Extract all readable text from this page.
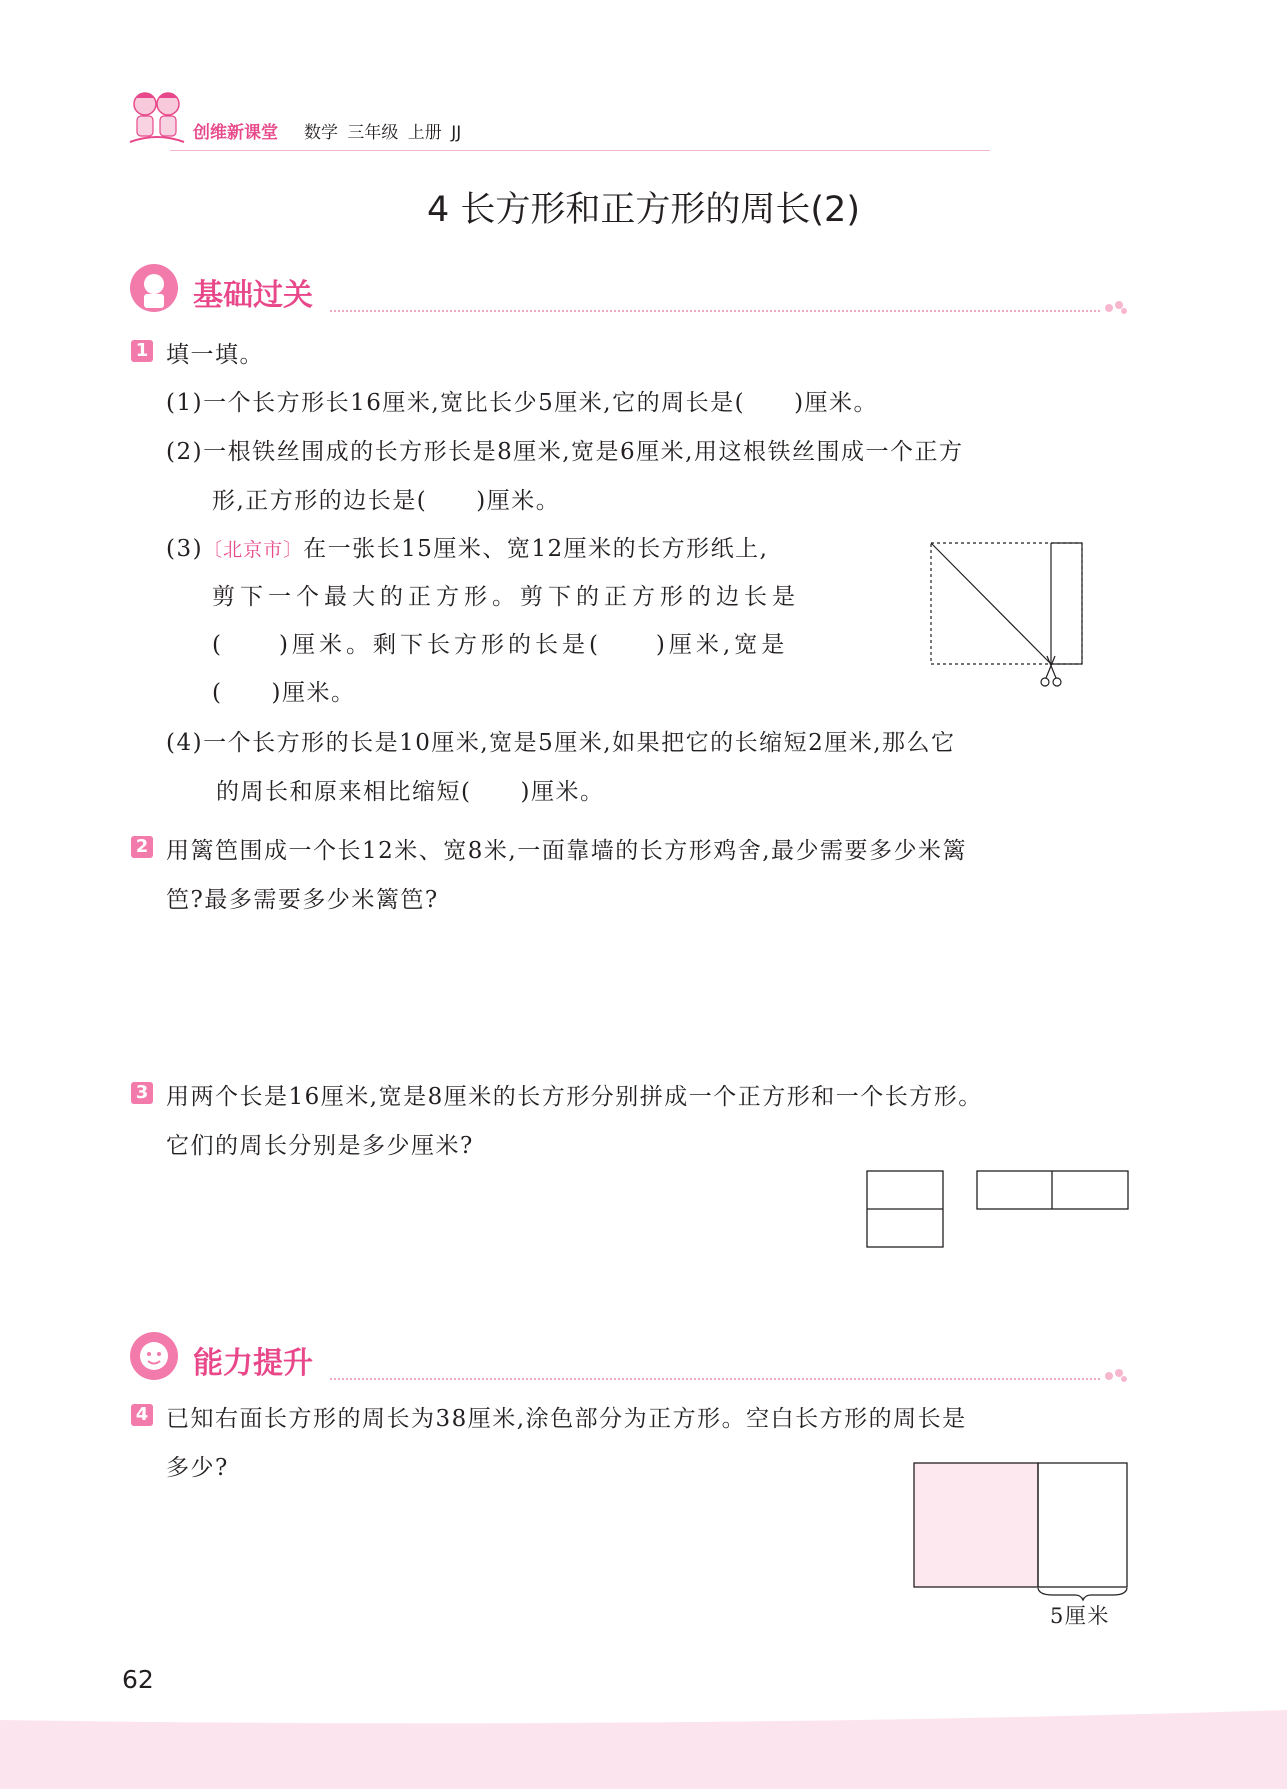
创维新课堂 数学 三年级 上册 JJ
4 长方形和正方形的周长(2)
基础过关
1 填一填。
(1)一个长方形长16厘米,宽比长少5厘米,它的周长是(　　)厘米。
(2)一根铁丝围成的长方形长是8厘米,宽是6厘米,用这根铁丝围成一个正方
形,正方形的边长是(　　)厘米。
(3)〔北京市〕在一张长15厘米、宽12厘米的长方形纸上,
剪下一个最大的正方形。剪下的正方形的边长是
(　　)厘米。剩下长方形的长是(　　)厘米,宽是
(　　)厘米。
(4)一个长方形的长是10厘米,宽是5厘米,如果把它的长缩短2厘米,那么它
的周长和原来相比缩短(　　)厘米。
2 用篱笆围成一个长12米、宽8米,一面靠墙的长方形鸡舍,最少需要多少米篱
笆?最多需要多少米篱笆?
3 用两个长是16厘米,宽是8厘米的长方形分别拼成一个正方形和一个长方形。
它们的周长分别是多少厘米?
能力提升
4 已知右面长方形的周长为38厘米,涂色部分为正方形。空白长方形的周长是
多少?
5厘米
62
